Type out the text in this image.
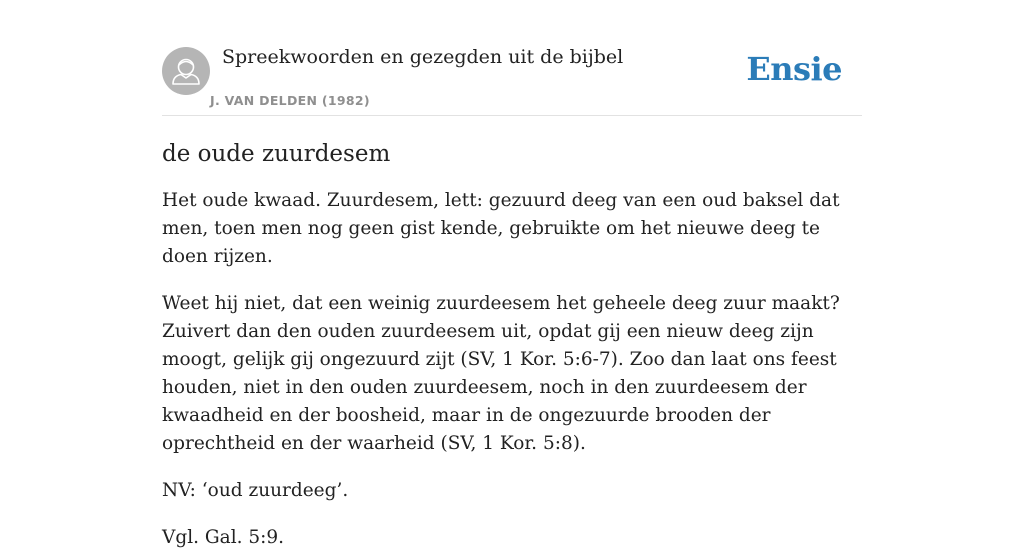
Spreekwoorden en gezegden uit de bijbel
J. VAN DELDEN (1982)
Ensie
de oude zuurdesem

Het oude kwaad. Zuurdesem, lett: gezuurd deeg van een oud baksel dat men, toen men nog geen gist kende, gebruikte om het nieuwe deeg te doen rijzen.

Weet hij niet, dat een weinig zuurdeesem het geheele deeg zuur maakt? Zuivert dan den ouden zuurdeesem uit, opdat gij een nieuw deeg zijn moogt, gelijk gij ongezuurd zijt (SV, 1 Kor. 5:6-7). Zoo dan laat ons feest houden, niet in den ouden zuurdeesem, noch in den zuurdeesem der kwaadheid en der boosheid, maar in de ongezuurde brooden der oprechtheid en der waarheid (SV, 1 Kor. 5:8).

NV: ‘oud zuurdeeg’.

Vgl. Gal. 5:9.
